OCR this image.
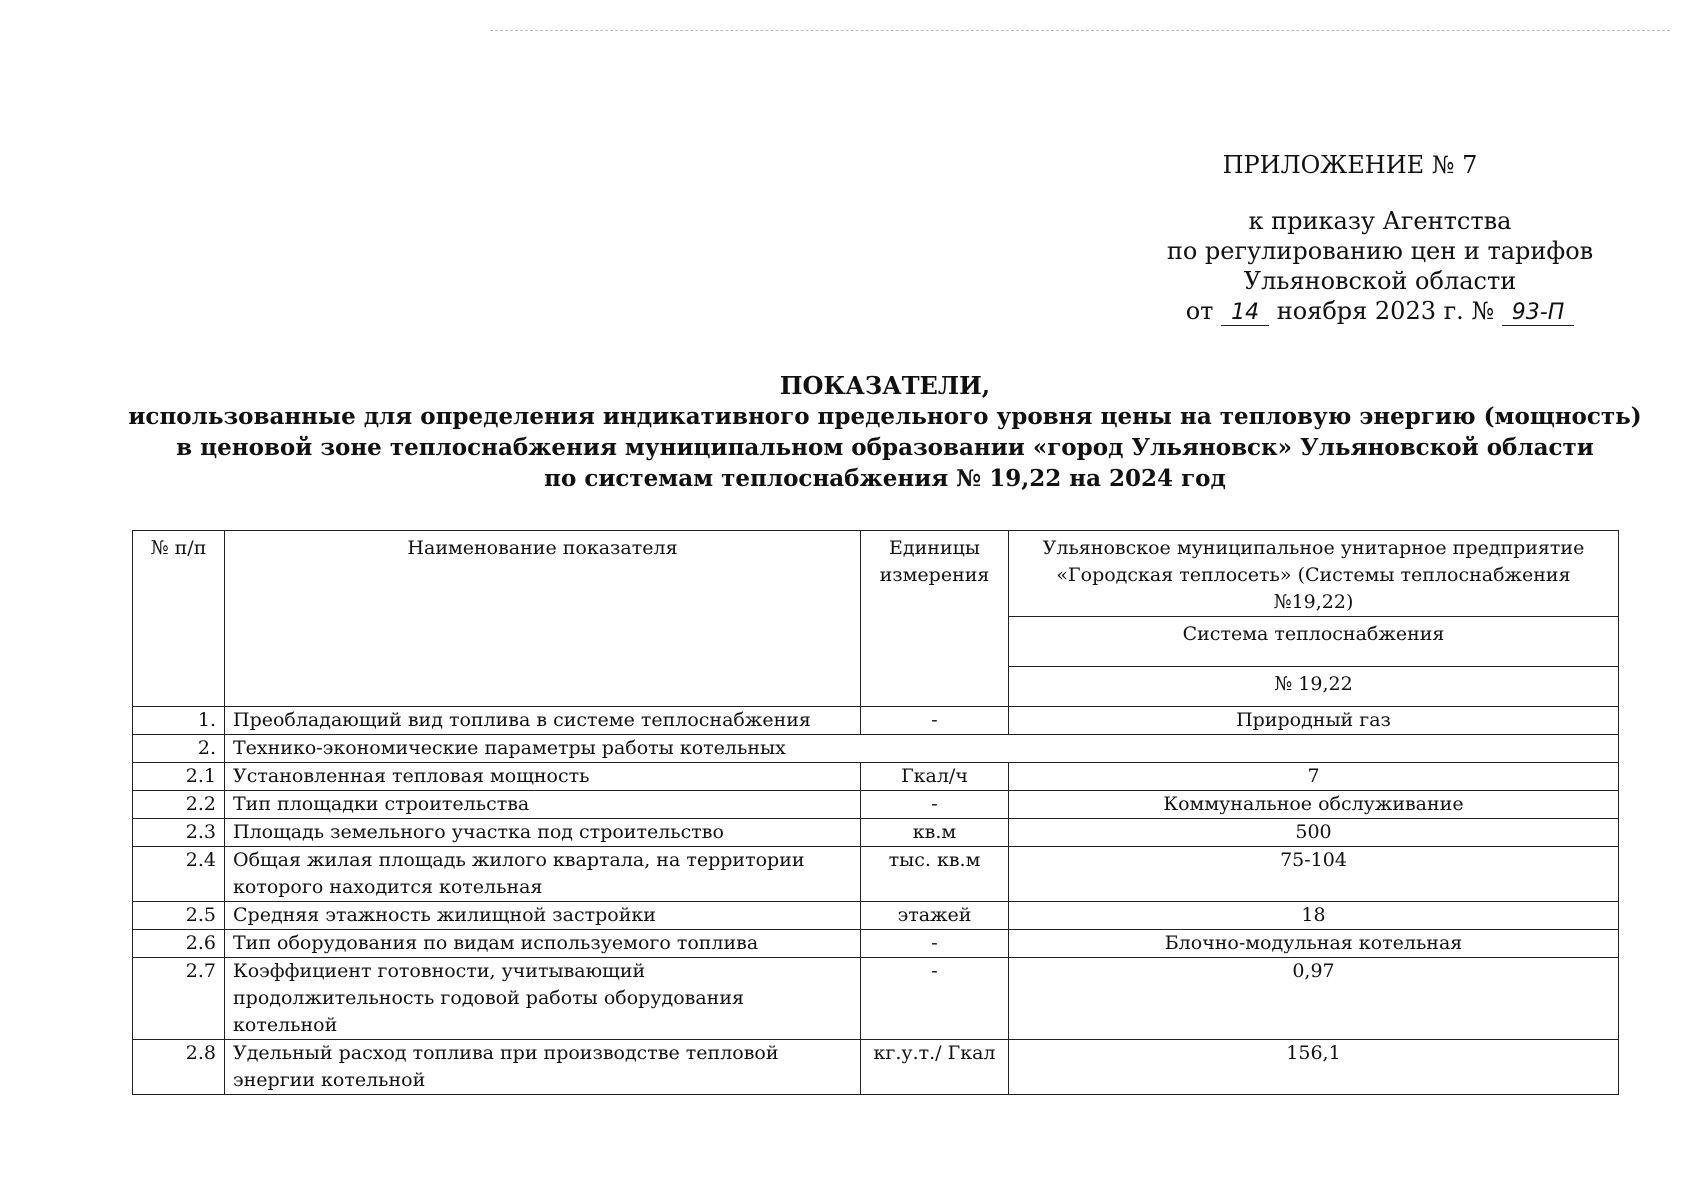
ПРИЛОЖЕНИЕ № 7
к приказу Агентства
по регулированию цен и тарифов
Ульяновской области
от 14 ноября 2023 г. № 93-П
ПОКАЗАТЕЛИ,
использованные для определения индикативного предельного уровня цены на тепловую энергию (мощность)
в ценовой зоне теплоснабжения муниципальном образовании «город Ульяновск» Ульяновской области
по системам теплоснабжения № 19,22 на 2024 год
№ п/п	Наименование показателя	Единицы измерения	Ульяновское муниципальное унитарное предприятие «Городская теплосеть» (Системы теплоснабжения №19,22)
			Система теплоснабжения
			№ 19,22
1.	Преобладающий вид топлива в системе теплоснабжения	-	Природный газ
2.	Технико-экономические параметры работы котельных		
2.1	Установленная тепловая мощность	Гкал/ч	7
2.2	Тип площадки строительства	-	Коммунальное обслуживание
2.3	Площадь земельного участка под строительство	кв.м	500
2.4	Общая жилая площадь жилого квартала, на территории которого находится котельная	тыс. кв.м	75-104
2.5	Средняя этажность жилищной застройки	этажей	18
2.6	Тип оборудования по видам используемого топлива	-	Блочно-модульная котельная
2.7	Коэффициент готовности, учитывающий продолжительность годовой работы оборудования котельной	-	0,97
2.8	Удельный расход топлива при производстве тепловой энергии котельной	кг.у.т./ Гкал	156,1
